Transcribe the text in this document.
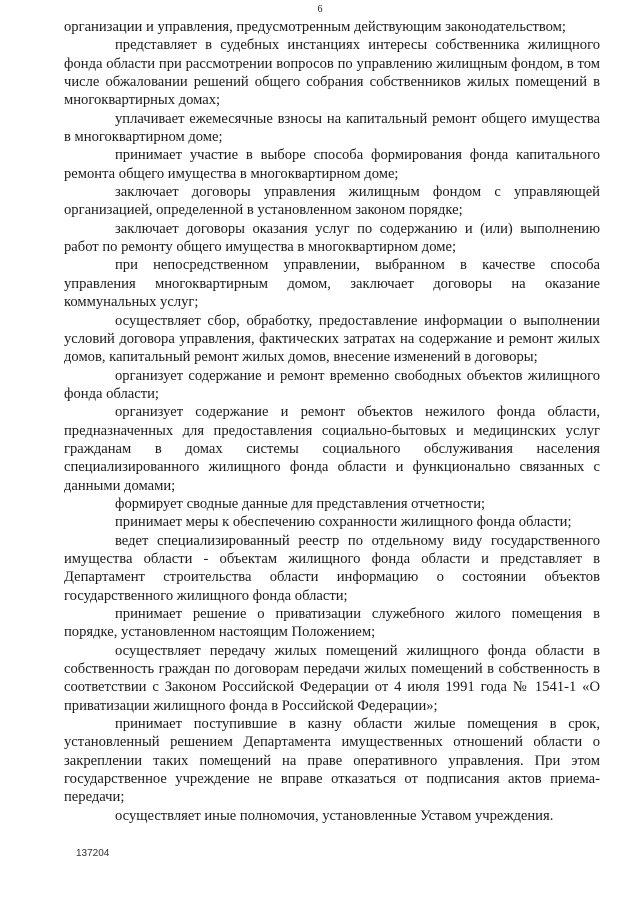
6

организации и управления, предусмотренным действующим законодательством;

представляет в судебных инстанциях интересы собственника жилищного фонда области при рассмотрении вопросов по управлению жилищным фондом, в том числе обжаловании решений общего собрания собственников жилых помещений в многоквартирных домах;

уплачивает ежемесячные взносы на капитальный ремонт общего имущества в многоквартирном доме;

принимает участие в выборе способа формирования фонда капитального ремонта общего имущества в многоквартирном доме;

заключает договоры управления жилищным фондом с управляющей организацией, определенной в установленном законом порядке;

заключает договоры оказания услуг по содержанию и (или) выполнению работ по ремонту общего имущества в многоквартирном доме;

при непосредственном управлении, выбранном в качестве способа управления многоквартирным домом, заключает договоры на оказание коммунальных услуг;

осуществляет сбор, обработку, предоставление информации о выполнении условий договора управления, фактических затратах на содержание и ремонт жилых домов, капитальный ремонт жилых домов, внесение изменений в договоры;

организует содержание и ремонт временно свободных объектов жилищного фонда области;

организует содержание и ремонт объектов нежилого фонда области, предназначенных для предоставления социально-бытовых и медицинских услуг гражданам в домах системы социального обслуживания населения специализированного жилищного фонда области и функционально связанных с данными домами;

формирует сводные данные для представления отчетности;

принимает меры к обеспечению сохранности жилищного фонда области;

ведет специализированный реестр по отдельному виду государственного имущества области - объектам жилищного фонда области и представляет в Департамент строительства области информацию о состоянии объектов государственного жилищного фонда области;

принимает решение о приватизации служебного жилого помещения в порядке, установленном настоящим Положением;

осуществляет передачу жилых помещений жилищного фонда области в собственность граждан по договорам передачи жилых помещений в собственность в соответствии с Законом Российской Федерации от 4 июля 1991 года № 1541-1 «О приватизации жилищного фонда в Российской Федерации»;

принимает поступившие в казну области жилые помещения в срок, установленный решением Департамента имущественных отношений области о закреплении таких помещений на праве оперативного управления. При этом государственное учреждение не вправе отказаться от подписания актов приема-передачи;

осуществляет иные полномочия, установленные Уставом учреждения.

137204
